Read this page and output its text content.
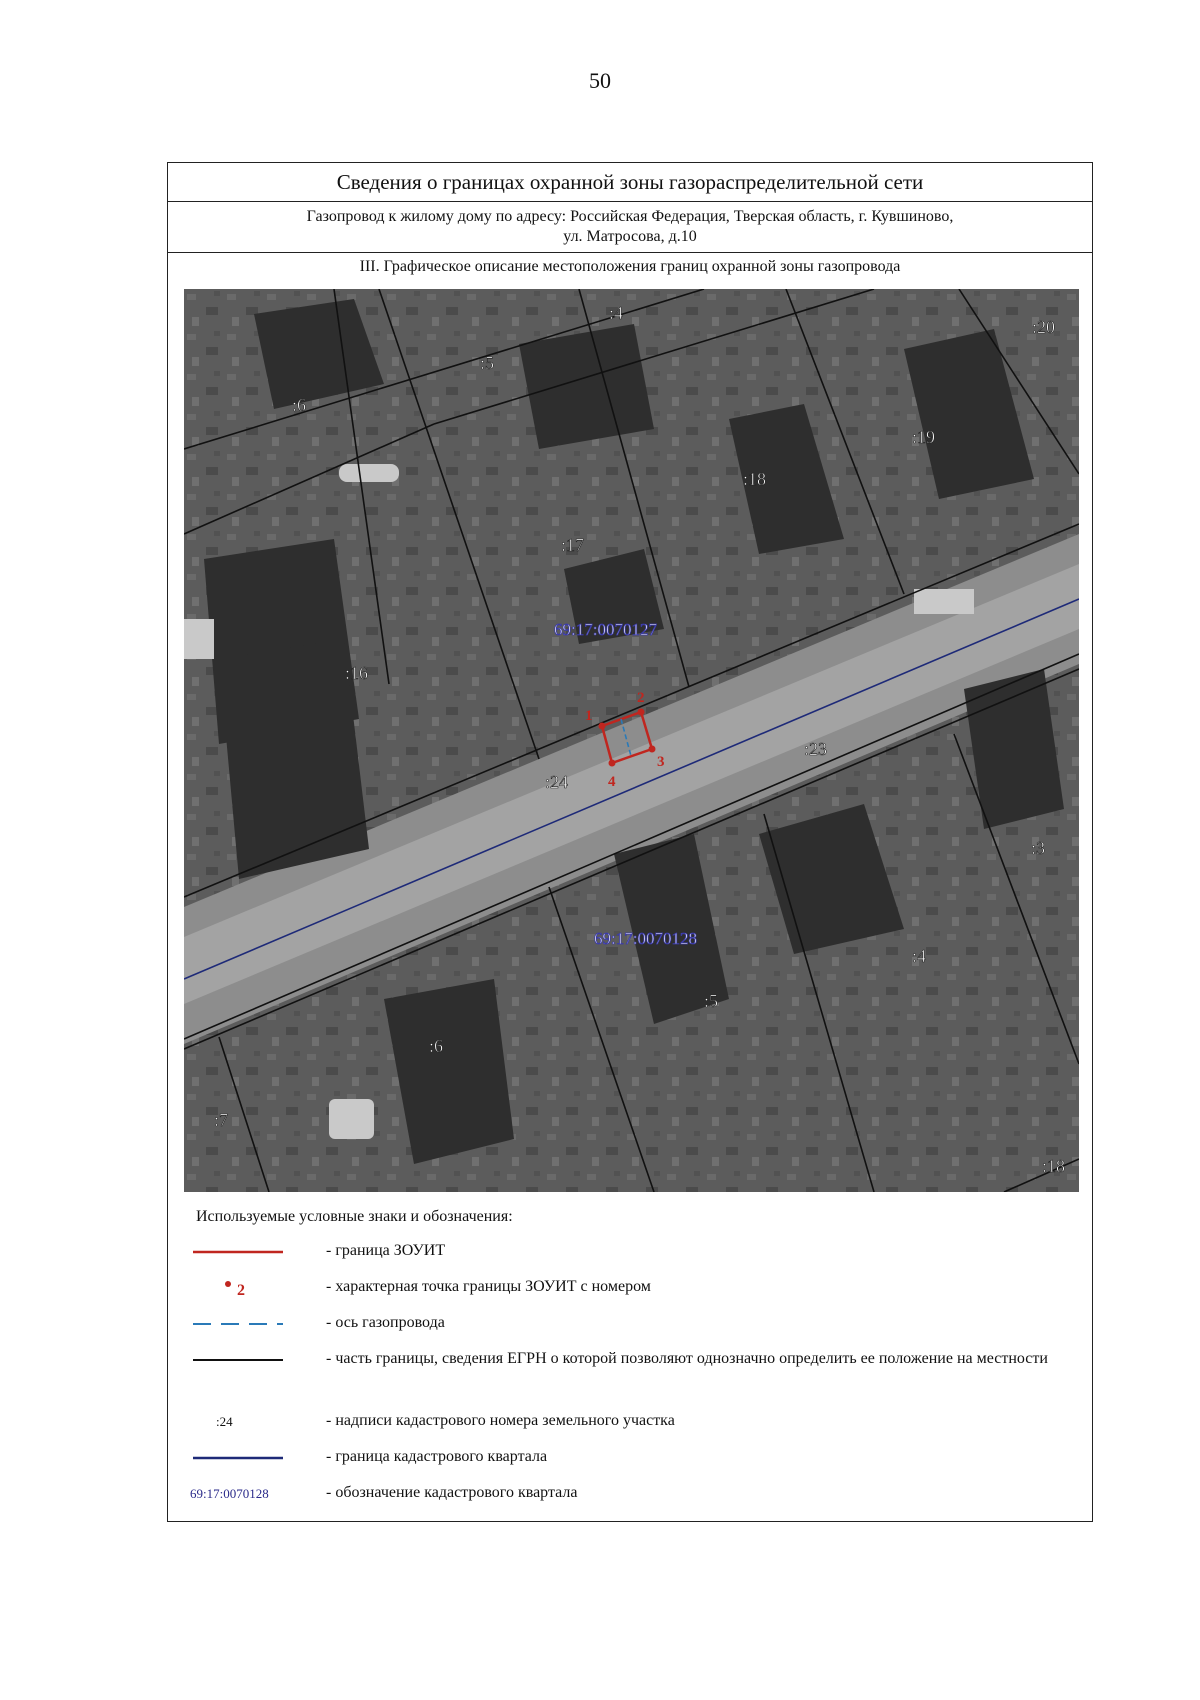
50
Сведения о границах охранной зоны газораспределительной сети
Газопровод к жилому дому по адресу: Российская Федерация, Тверская область, г. Кувшиново,
ул. Матросова, д.10
III. Графическое описание местоположения границ охранной зоны газопровода
1
2
3
4
:4
:20
:5
:6
:19
:18
:17
:16
:23
:24
:3
:4
:5
:6
:7
:18
69:17:0070127
69:17:0070128
Используемые условные знаки и обозначения:
- граница ЗОУИТ
2	- характерная точка границы ЗОУИТ с номером
- ось газопровода
- часть границы, сведения ЕГРН о которой позволяют однозначно определить ее положение на местности
:24	- надписи кадастрового номера земельного участка
- граница кадастрового квартала
69:17:0070128	- обозначение кадастрового квартала
